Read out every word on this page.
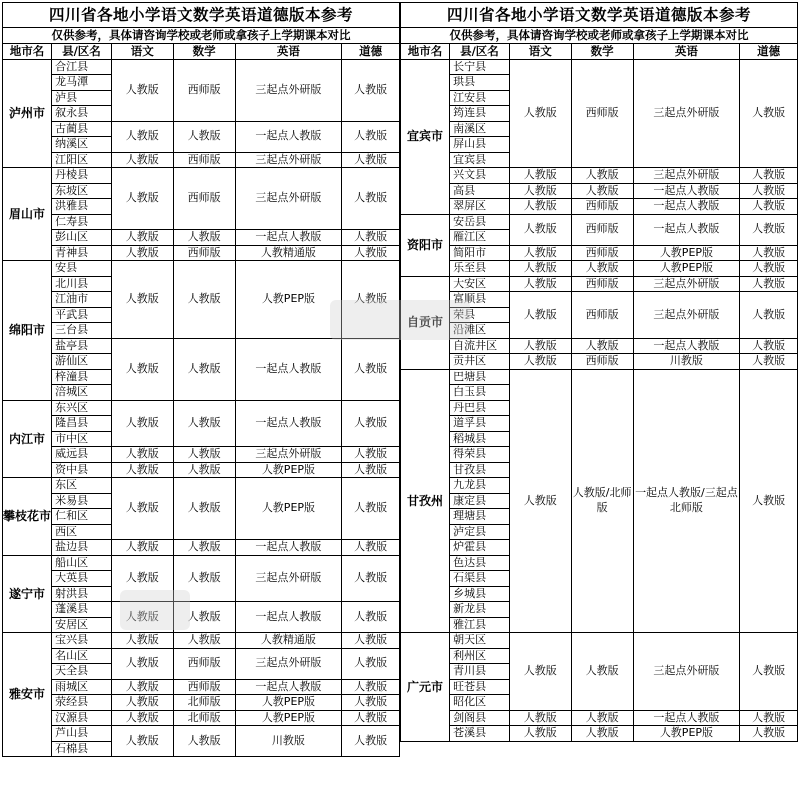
四川省各地小学语文数学英语道德版本参考					
仅供参考，具体请咨询学校或老师或拿孩子上学期课本对比					
地市名	县/区名	语文	数学	英语	道德
泸州市	合江县	人教版	西师版	三起点外研版	人教版
	龙马潭				
	泸县				
	叙永县				
	古蔺县	人教版	人教版	一起点人教版	人教版
	纳溪区				
	江阳区	人教版	西师版	三起点外研版	人教版
眉山市	丹棱县	人教版	西师版	三起点外研版	人教版
	东坡区				
	洪雅县				
	仁寿县				
	彭山区	人教版	人教版	一起点人教版	人教版
	青神县	人教版	西师版	人教精通版	人教版
绵阳市	安县	人教版	人教版	人教PEP版	人教版
	北川县				
	江油市				
	平武县				
	三台县				
	盐亭县	人教版	人教版	一起点人教版	人教版
	游仙区				
	梓潼县				
	涪城区				
内江市	东兴区	人教版	人教版	一起点人教版	人教版
	隆昌县				
	市中区				
	威远县	人教版	人教版	三起点外研版	人教版
	资中县	人教版	人教版	人教PEP版	人教版
攀枝花市	东区	人教版	人教版	人教PEP版	人教版
	米易县				
	仁和区				
	西区				
	盐边县	人教版	人教版	一起点人教版	人教版
遂宁市	船山区	人教版	人教版	三起点外研版	人教版
	大英县				
	射洪县				
	蓬溪县	人教版	人教版	一起点人教版	人教版
	安居区				
雅安市	宝兴县	人教版	人教版	人教精通版	人教版
	名山区	人教版	西师版	三起点外研版	人教版
	天全县				
	雨城区	人教版	西师版	一起点人教版	人教版
	荥经县	人教版	北师版	人教PEP版	人教版
	汉源县	人教版	北师版	人教PEP版	人教版
	芦山县	人教版	人教版	川教版	人教版
	石棉县				
四川省各地小学语文数学英语道德版本参考					
仅供参考，具体请咨询学校或老师或拿孩子上学期课本对比					
地市名	县/区名	语文	数学	英语	道德
宜宾市	长宁县	人教版	西师版	三起点外研版	人教版
	珙县				
	江安县				
	筠连县				
	南溪区				
	屏山县				
	宜宾县				
	兴文县	人教版	人教版	三起点外研版	人教版
	高县	人教版	人教版	一起点人教版	人教版
	翠屏区	人教版	西师版	一起点人教版	人教版
资阳市	安岳县	人教版	西师版	一起点人教版	人教版
	雁江区				
	简阳市	人教版	西师版	人教PEP版	人教版
	乐至县	人教版	人教版	人教PEP版	人教版
自贡市	大安区	人教版	西师版	三起点外研版	人教版
	富顺县	人教版	西师版	三起点外研版	人教版
	荣县				
	沿滩区				
	自流井区	人教版	人教版	一起点人教版	人教版
	贡井区	人教版	西师版	川教版	人教版
甘孜州	巴塘县	人教版	人教版/北师版	一起点人教版/三起点北师版	人教版
	白玉县				
	丹巴县				
	道孚县				
	稻城县				
	得荣县				
	甘孜县				
	九龙县				
	康定县				
	理塘县				
	泸定县				
	炉霍县				
	色达县				
	石渠县				
	乡城县				
	新龙县				
	雅江县				
广元市	朝天区	人教版	人教版	三起点外研版	人教版
	利州区				
	青川县				
	旺苍县				
	昭化区				
	剑阁县	人教版	人教版	一起点人教版	人教版
	苍溪县	人教版	人教版	人教PEP版	人教版
